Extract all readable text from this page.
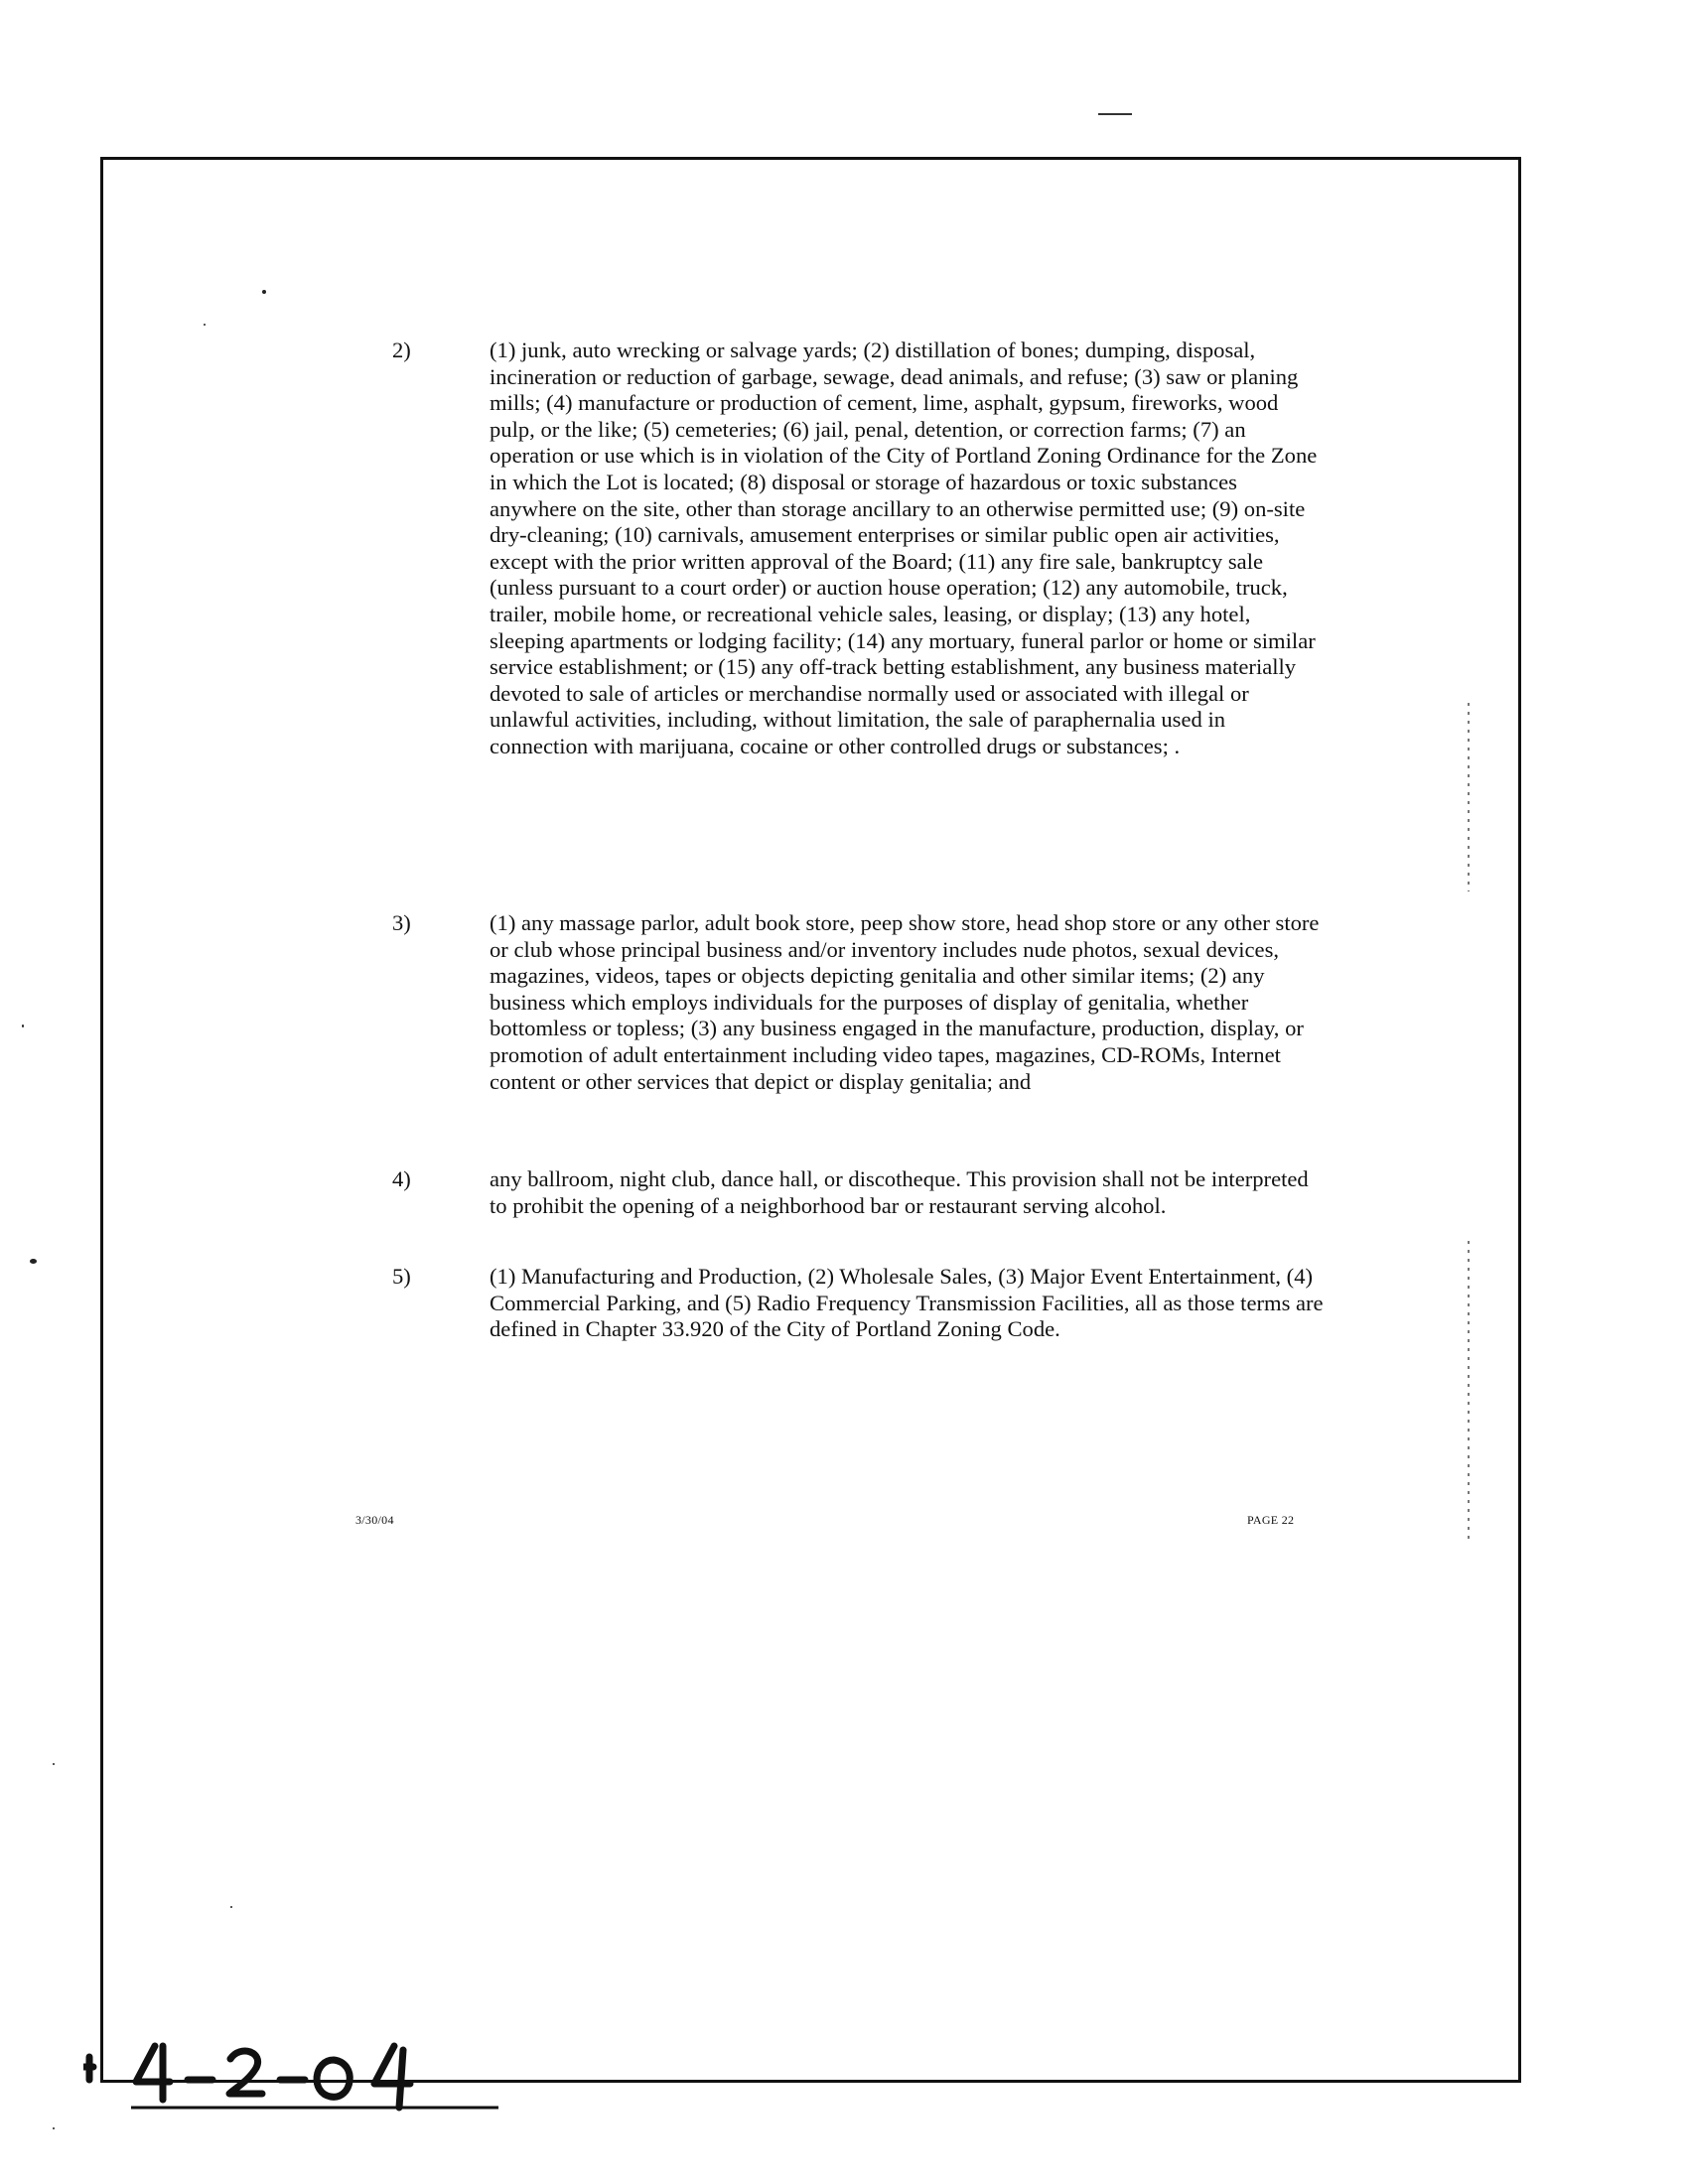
2)	(1) junk, auto wrecking or salvage yards; (2) distillation of bones; dumping, disposal, incineration or reduction of garbage, sewage, dead animals, and refuse; (3) saw or planing mills; (4) manufacture or production of cement, lime, asphalt, gypsum, fireworks, wood pulp, or the like; (5) cemeteries; (6) jail, penal, detention, or correction farms; (7) an operation or use which is in violation of the City of Portland Zoning Ordinance for the Zone in which the Lot is located; (8) disposal or storage of hazardous or toxic substances anywhere on the site, other than storage ancillary to an otherwise permitted use; (9) on-site dry-cleaning; (10) carnivals, amusement enterprises or similar public open air activities, except with the prior written approval of the Board; (11) any fire sale, bankruptcy sale (unless pursuant to a court order) or auction house operation; (12) any automobile, truck, trailer, mobile home, or recreational vehicle sales, leasing, or display; (13) any hotel, sleeping apartments or lodging facility; (14) any mortuary, funeral parlor or home or similar service establishment; or (15) any off-track betting establishment, any business materially devoted to sale of articles or merchandise normally used or associated with illegal or unlawful activities, including, without limitation, the sale of paraphernalia used in connection with marijuana, cocaine or other controlled drugs or substances; .
3)	(1) any massage parlor, adult book store, peep show store, head shop store or any other store or club whose principal business and/or inventory includes nude photos, sexual devices, magazines, videos, tapes or objects depicting genitalia and other similar items; (2) any business which employs individuals for the purposes of display of genitalia, whether bottomless or topless; (3) any business engaged in the manufacture, production, display, or promotion of adult entertainment including video tapes, magazines, CD-ROMs, Internet content or other services that depict or display genitalia; and
4)	any ballroom, night club, dance hall, or discotheque. This provision shall not be interpreted to prohibit the opening of a neighborhood bar or restaurant serving alcohol.
5)	(1) Manufacturing and Production, (2) Wholesale Sales, (3) Major Event Entertainment, (4) Commercial Parking, and (5) Radio Frequency Transmission Facilities, all as those terms are defined in Chapter 33.920 of the City of Portland Zoning Code.
3/30/04	PAGE 22
